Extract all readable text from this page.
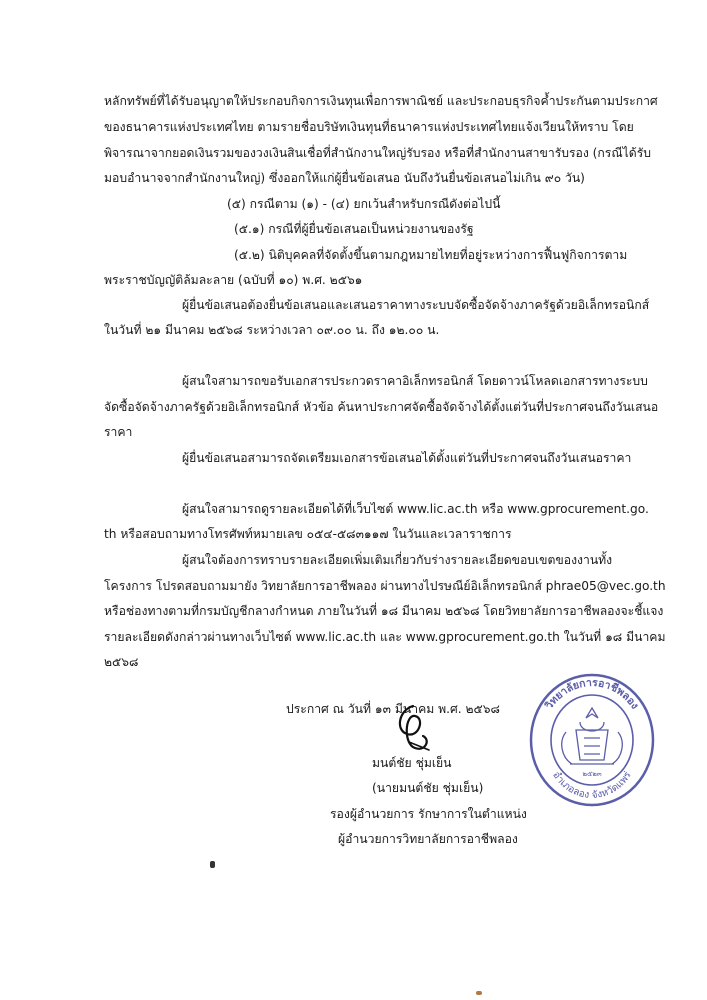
หลักทรัพย์ที่ได้รับอนุญาตให้ประกอบกิจการเงินทุนเพื่อการพาณิชย์ และประกอบธุรกิจค้ำประกันตามประกาศ
ของธนาคารแห่งประเทศไทย ตามรายชื่อบริษัทเงินทุนที่ธนาคารแห่งประเทศไทยแจ้งเวียนให้ทราบ โดย
พิจารณาจากยอดเงินรวมของวงเงินสินเชื่อที่สำนักงานใหญ่รับรอง หรือที่สำนักงานสาขารับรอง (กรณีได้รับ
มอบอำนาจจากสำนักงานใหญ่) ซึ่งออกให้แก่ผู้ยื่นข้อเสนอ นับถึงวันยื่นข้อเสนอไม่เกิน ๙๐ วัน)
(๕) กรณีตาม (๑) - (๔) ยกเว้นสำหรับกรณีดังต่อไปนี้
(๕.๑) กรณีที่ผู้ยื่นข้อเสนอเป็นหน่วยงานของรัฐ
(๕.๒) นิติบุคคลที่จัดตั้งขึ้นตามกฎหมายไทยที่อยู่ระหว่างการฟื้นฟูกิจการตาม
พระราชบัญญัติล้มละลาย (ฉบับที่ ๑๐) พ.ศ. ๒๕๖๑
ผู้ยื่นข้อเสนอต้องยื่นข้อเสนอและเสนอราคาทางระบบจัดซื้อจัดจ้างภาครัฐด้วยอิเล็กทรอนิกส์
ในวันที่ ๒๑ มีนาคม ๒๕๖๘ ระหว่างเวลา ๐๙.๐๐ น. ถึง ๑๒.๐๐ น.
ผู้สนใจสามารถขอรับเอกสารประกวดราคาอิเล็กทรอนิกส์ โดยดาวน์โหลดเอกสารทางระบบ
จัดซื้อจัดจ้างภาครัฐด้วยอิเล็กทรอนิกส์ หัวข้อ ค้นหาประกาศจัดซื้อจัดจ้างได้ตั้งแต่วันที่ประกาศจนถึงวันเสนอ
ราคา
ผู้ยื่นข้อเสนอสามารถจัดเตรียมเอกสารข้อเสนอได้ตั้งแต่วันที่ประกาศจนถึงวันเสนอราคา
ผู้สนใจสามารถดูรายละเอียดได้ที่เว็บไซต์ www.lic.ac.th หรือ www.gprocurement.go.
th หรือสอบถามทางโทรศัพท์หมายเลข ๐๕๔-๕๘๓๑๑๗ ในวันและเวลาราชการ
ผู้สนใจต้องการทราบรายละเอียดเพิ่มเติมเกี่ยวกับร่างรายละเอียดขอบเขตของงานทั้ง
โครงการ โปรดสอบถามมายัง วิทยาลัยการอาชีพลอง ผ่านทางไปรษณีย์อิเล็กทรอนิกส์ phrae05@vec.go.th
หรือช่องทางตามที่กรมบัญชีกลางกำหนด ภายในวันที่ ๑๘ มีนาคม ๒๕๖๘ โดยวิทยาลัยการอาชีพลองจะชี้แจง
รายละเอียดดังกล่าวผ่านทางเว็บไซต์ www.lic.ac.th และ www.gprocurement.go.th ในวันที่ ๑๘ มีนาคม
๒๕๖๘
ประกาศ ณ วันที่ ๑๓ มีนาคม พ.ศ. ๒๕๖๘
มนต์ชัย ชุ่มเย็น
(นายมนต์ชัย ชุ่มเย็น)
รองผู้อำนวยการ รักษาการในตำแหน่ง
ผู้อำนวยการวิทยาลัยการอาชีพลอง
วิทยาลัยการอาชีพลอง
อำเภอลอง จังหวัดแพร่
๒๕๒๓
